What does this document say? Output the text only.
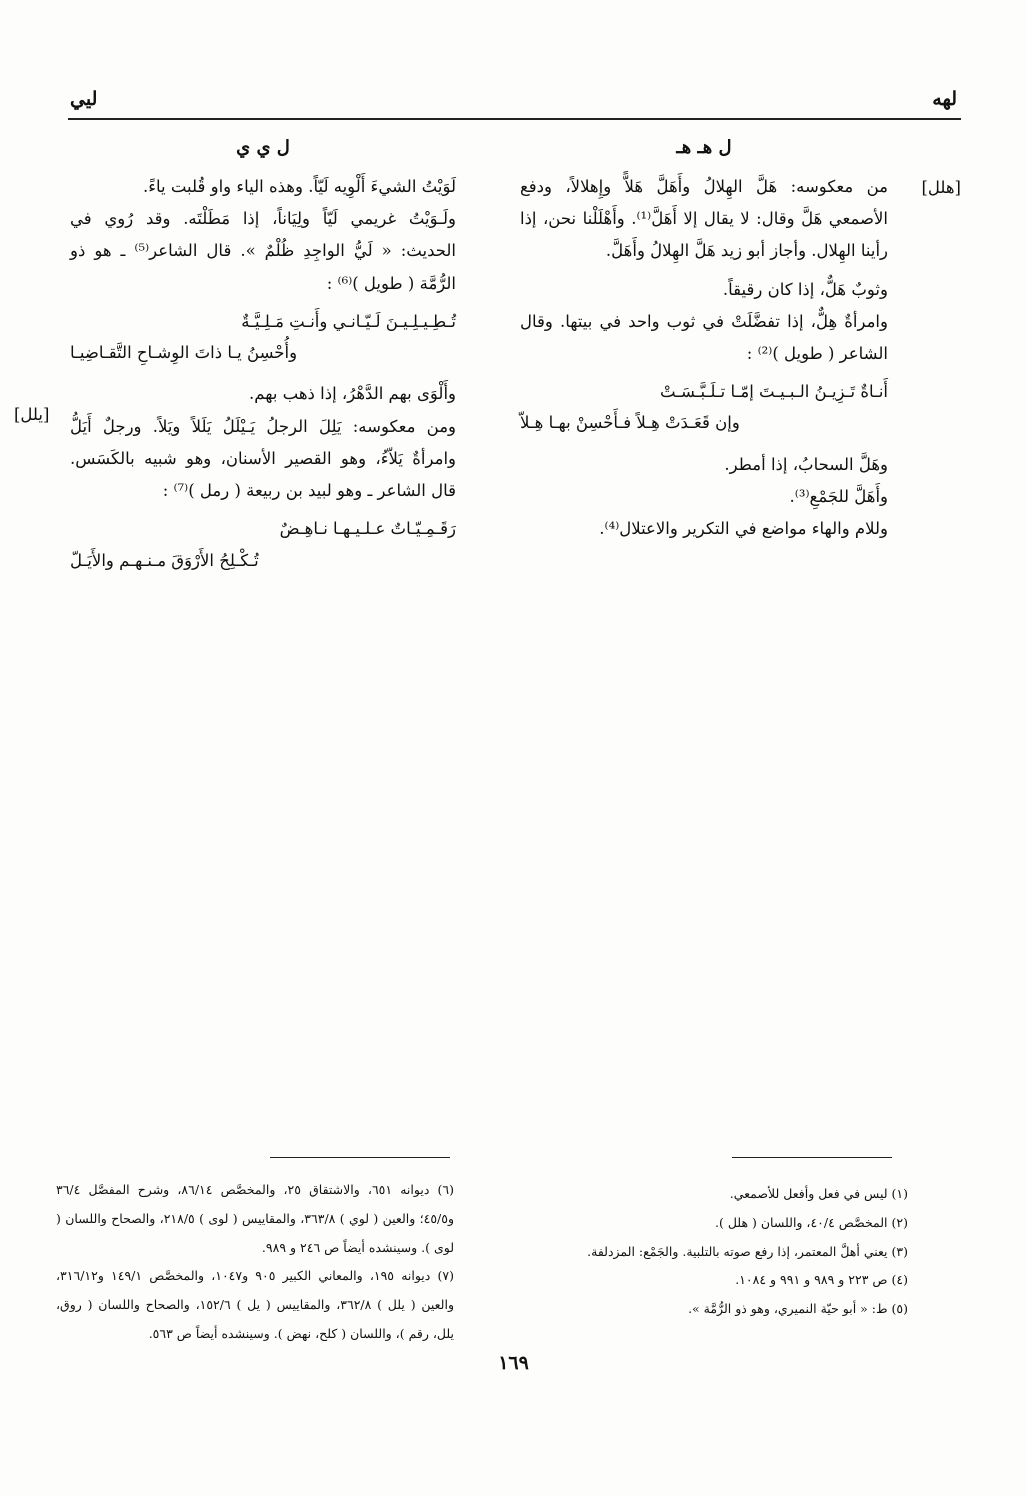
لهه
ليي
[هلل]
[يلل]
ل هـ هـ

من معكوسه: هَلَّ الهِلالُ وأَهَلَّ هَلاًّ وإِهلالاً، ودفع الأصمعي هَلَّ وقال: لا يقال إلا أَهَلَّ⁽¹⁾. وأَهْلَلْنا نحن، إذا رأينا الهِلال. وأجاز أبو زيد هَلَّ الهِلالُ وأَهَلَّ.

وثوبٌ هَلٌّ، إذا كان رقيقاً.

وامرأةٌ هِلٌّ، إذا تفضَّلَتْ في ثوب واحد في بيتها. وقال الشاعر ( طويل )⁽²⁾ :

أَنـاةٌ تَـزِيـنُ الـبـيـتَ إمّـا تـلَـبَّـسَـتْ
وإن قَعَـدَتْ هِـلاً فـأَحْسِنْ بهـا هِـلاّ

وهَلَّ السحابُ، إذا أمطر.

وأَهَلَّ للجَمْعِ⁽³⁾.

وللام والهاء مواضع في التكرير والاعتلال⁽⁴⁾.

ل ي ي

لَوَيْتُ الشيءَ أَلْوِيه لَيّاً. وهذه الياء واو قُلبت ياءً.

ولَـوَيْتُ غريمي لَيّاً ولِيَاناً، إذا مَطَلْتَه. وقد رُوي في الحديث: « لَيُّ الواجِدِ ظُلْمٌ ». قال الشاعر⁽⁵⁾ ـ هو ذو الرُّمَّة ( طويل )⁽⁶⁾ :

تُـطِـيـلِـيـنَ لَـيّـانـي وأَنـتِ مَـلِـيَّـةٌ
وأُحْسِنُ يـا ذاتَ الوِشـاحِ التَّقـاضِيـا

وأَلْوَى بهم الدَّهْرُ، إذا ذهب بهم.

ومن معكوسه: يَلِلَ الرجلُ يَـيْلَلُ يَلَلاً ويَلاً. ورجلٌ أَيَلُّ وامرأةٌ يَلاّءُ، وهو القصير الأسنان، وهو شبيه بالكَسَس. قال الشاعر ـ وهو لبيد بن ربيعة ( رمل )⁽⁷⁾ :

رَقَـمِـيّـاتٌ عـلـيـهـا نـاهِـضٌ
تُـكْـلِحُ الأَرْوَقَ مـنـهـم والأَيَـلّ

(١) ليس في فعل وأفعل للأصمعي.

(٢) المخصَّص ٤٠/٤، واللسان ( هلل ).

(٣) يعني أهلَّ المعتمر، إذا رفع صوته بالتلبية. والجَمْع: المزدلفة.

(٤) ص ٢٢٣ و ٩٨٩ و ٩٩١ و ١٠٨٤.

(٥) ط: « أبو حيّة النميري، وهو ذو الرُّمَّة ».

(٦) ديوانه ٦٥١، والاشتقاق ٢٥، والمخصَّص ٨٦/١٤، وشرح المفصَّل ٣٦/٤ و٤٥/٥؛ والعين ( لوي ) ٣٦٣/٨، والمقاييس ( لوى ) ٢١٨/٥، والصحاح واللسان ( لوى ). وسينشده أيضاً ص ٢٤٦ و ٩٨٩.

(٧) ديوانه ١٩٥، والمعاني الكبير ٩٠٥ و١٠٤٧، والمخصَّص ١٤٩/١ و٣١٦/١٢، والعين ( يلل ) ٣٦٢/٨، والمقاييس ( يل ) ١٥٢/٦، والصحاح واللسان ( روق، يلل، رقم )، واللسان ( كلح، نهض ). وسينشده أيضاً ص ٥٦٣.

١٦٩
